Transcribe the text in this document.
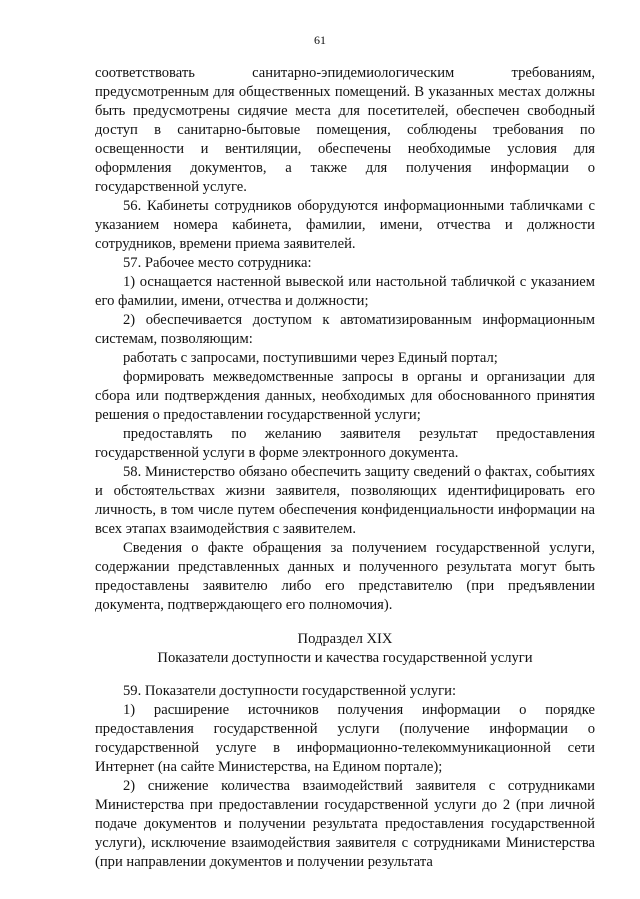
61

соответствовать санитарно-эпидемиологическим требованиям, предусмотренным для общественных помещений. В указанных местах должны быть предусмотрены сидячие места для посетителей, обеспечен свободный доступ в санитарно-бытовые помещения, соблюдены требования по освещенности и вентиляции, обеспечены необходимые условия для оформления документов, а также для получения информации о государственной услуге.

56. Кабинеты сотрудников оборудуются информационными табличками с указанием номера кабинета, фамилии, имени, отчества и должности сотрудников, времени приема заявителей.

57. Рабочее место сотрудника:

1) оснащается настенной вывеской или настольной табличкой с указанием его фамилии, имени, отчества и должности;

2) обеспечивается доступом к автоматизированным информационным системам, позволяющим:

работать с запросами, поступившими через Единый портал;

формировать межведомственные запросы в органы и организации для сбора или подтверждения данных, необходимых для обоснованного принятия решения о предоставлении государственной услуги;

предоставлять по желанию заявителя результат предоставления государственной услуги в форме электронного документа.

58. Министерство обязано обеспечить защиту сведений о фактах, событиях и обстоятельствах жизни заявителя, позволяющих идентифицировать его личность, в том числе путем обеспечения конфиденциальности информации на всех этапах взаимодействия с заявителем.

Сведения о факте обращения за получением государственной услуги, содержании представленных данных и полученного результата могут быть предоставлены заявителю либо его представителю (при предъявлении документа, подтверждающего его полномочия).

Подраздел XIX

Показатели доступности и качества государственной услуги

59. Показатели доступности государственной услуги:

1) расширение источников получения информации о порядке предоставления государственной услуги (получение информации о государственной услуге в информационно-телекоммуникационной сети Интернет (на сайте Министерства, на Едином портале);

2) снижение количества взаимодействий заявителя с сотрудниками Министерства при предоставлении государственной услуги до 2 (при личной подаче документов и получении результата предоставления государственной услуги), исключение взаимодействия заявителя с сотрудниками Министерства (при направлении документов и получении результата
